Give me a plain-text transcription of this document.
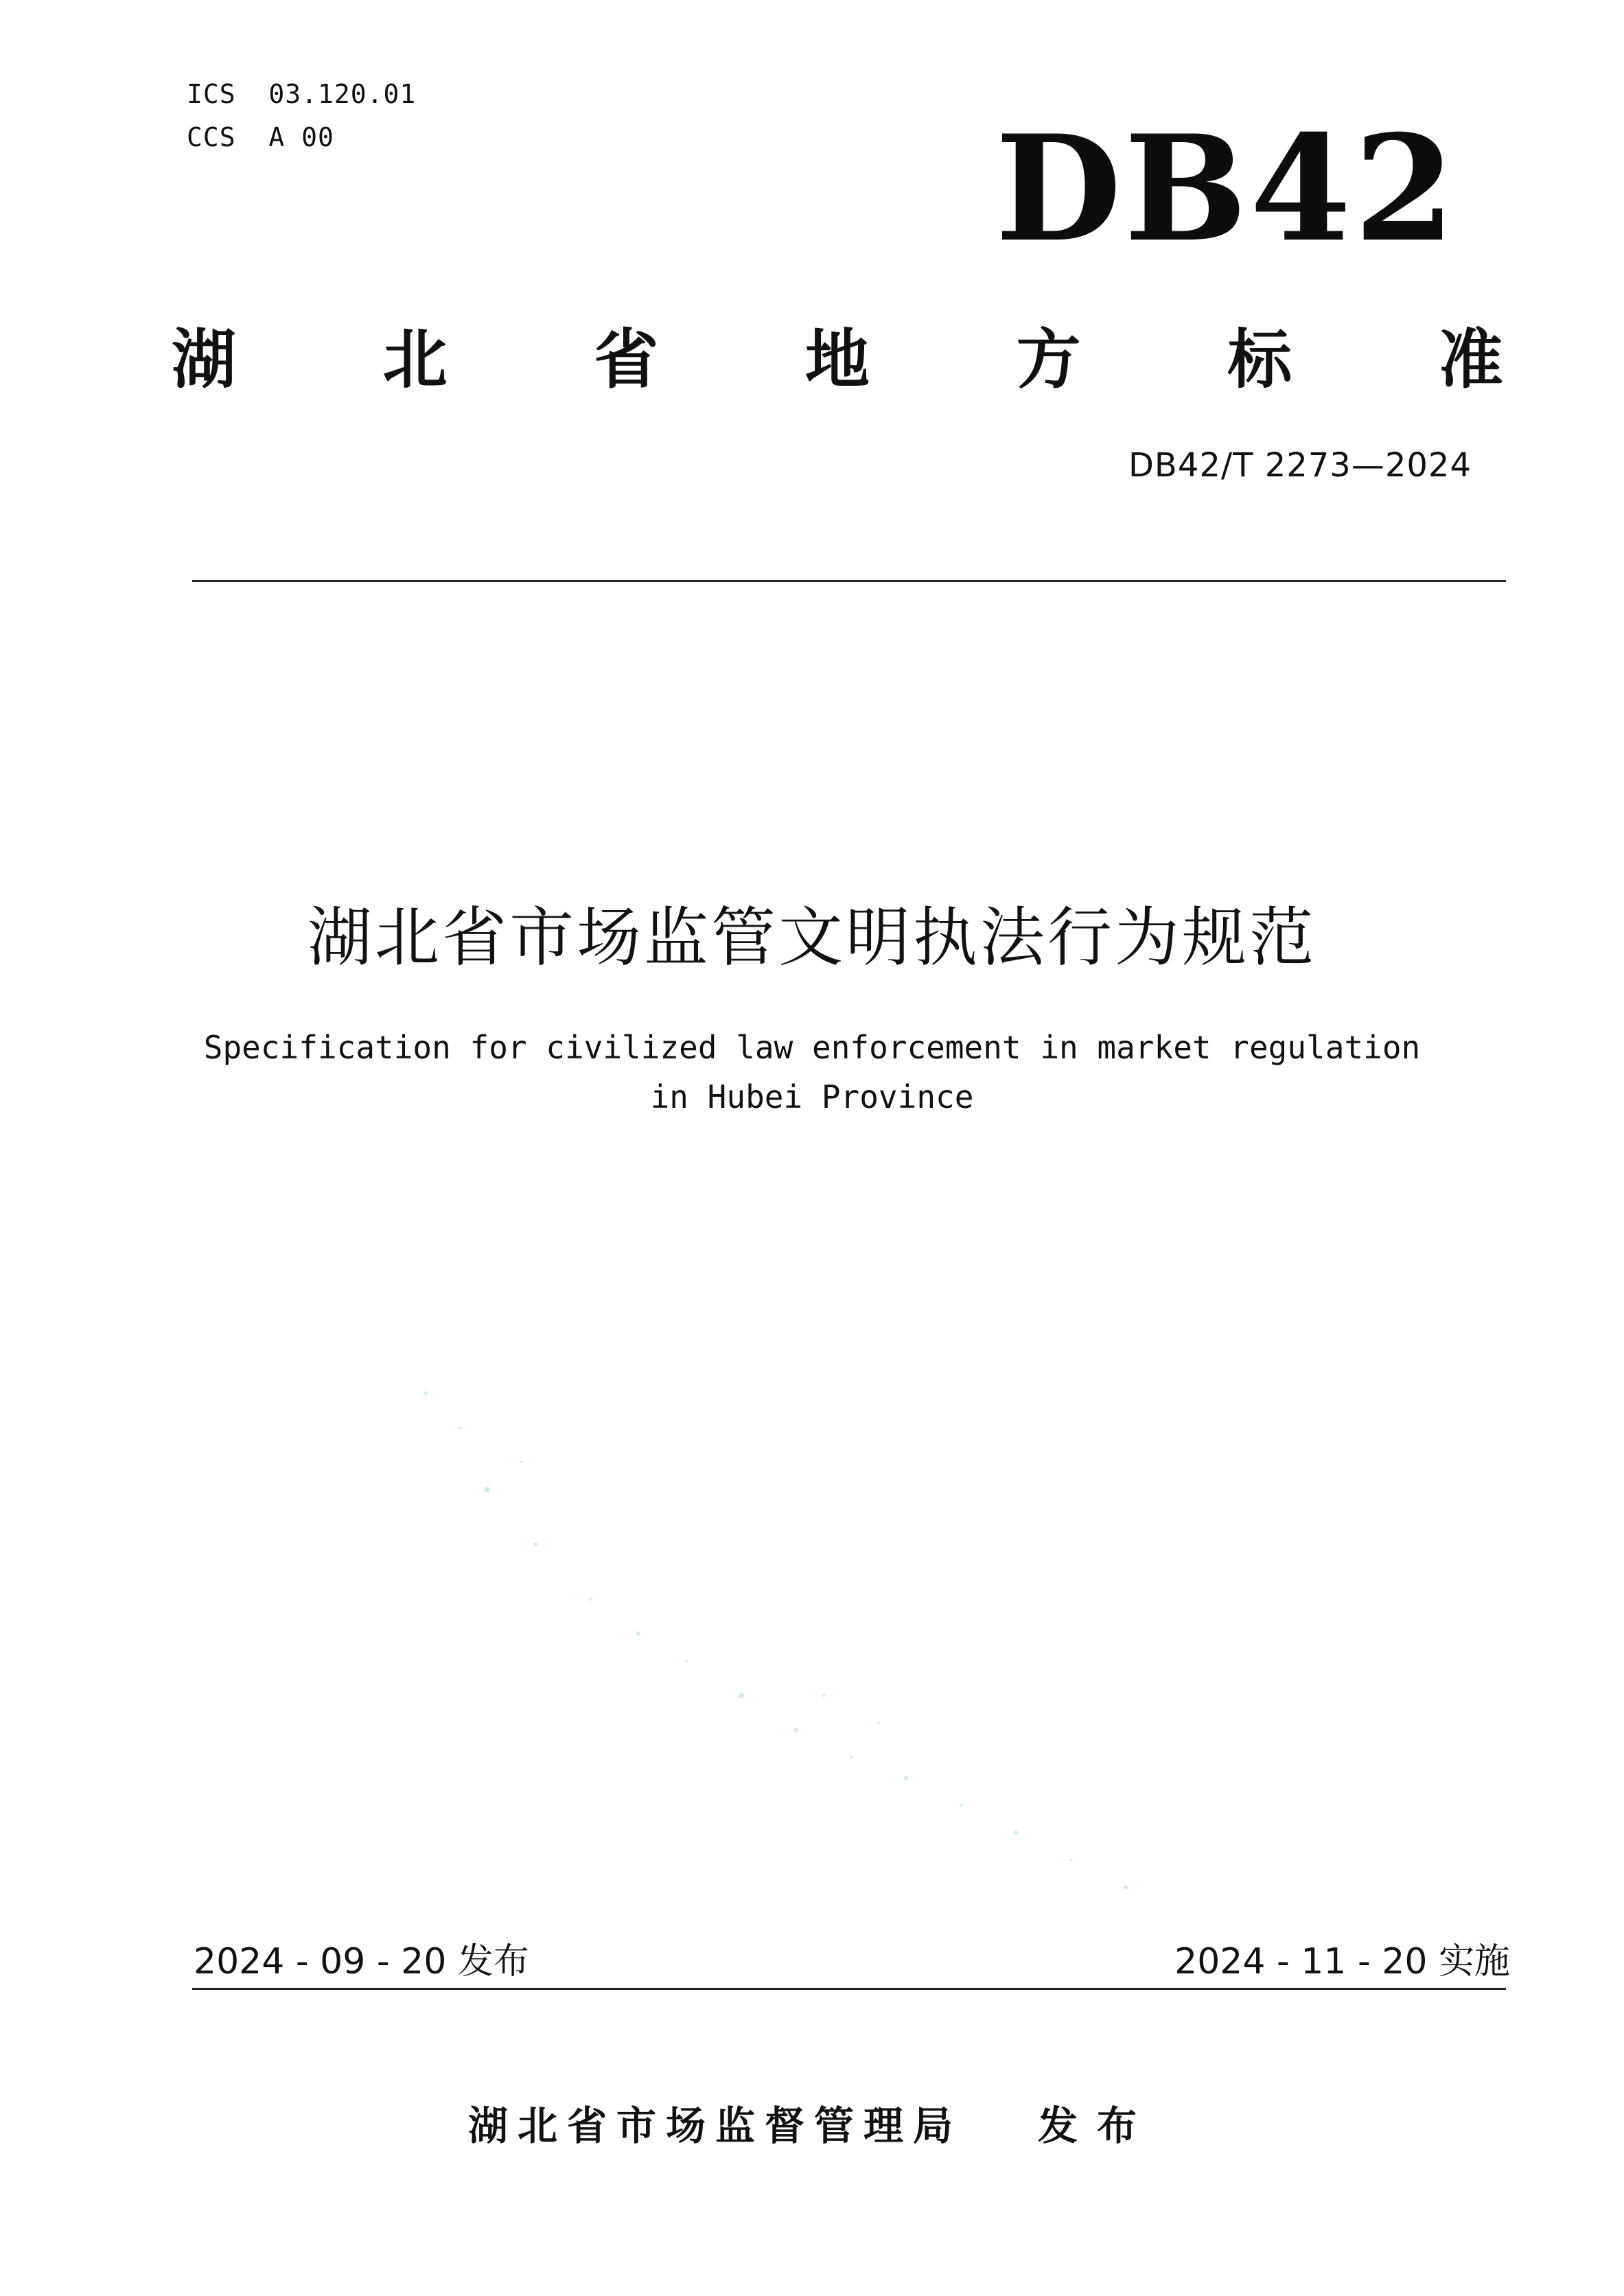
ICS  03.120.01
CCS  A 00	DB42
湖 北 省 地 方 标 准
DB42/T 2273—2024
湖北省市场监管文明执法行为规范
Specification for civilized law enforcement in market regulation
in Hubei Province
2024 - 09 - 20 发布	2024 - 11 - 20 实施
湖北省市场监督管理局 发布
